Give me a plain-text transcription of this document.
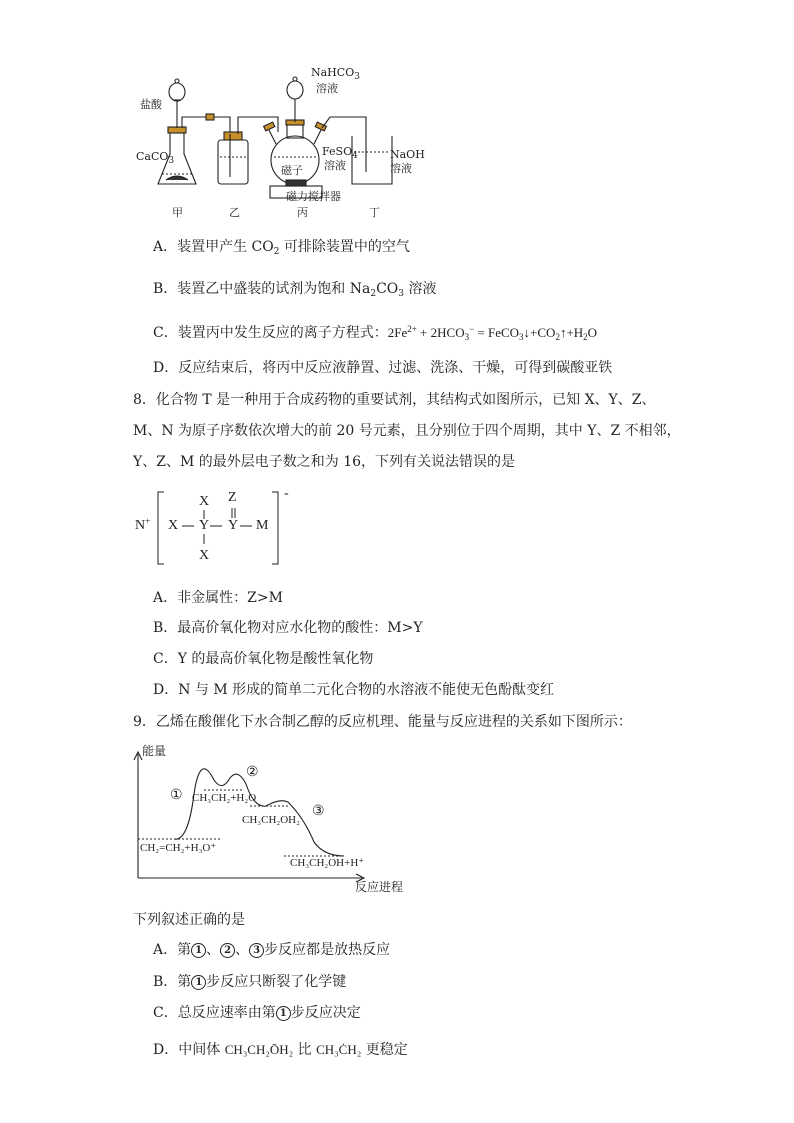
盐酸
CaCO$_3$
NaHCO$_3$
溶液
磁子
FeSO$_4$
溶液
NaOH
溶液
磁力搅拌器
甲	乙	丙	丁
A．装置甲产生 $CO_2$ 可排除装置中的空气
B．装置乙中盛装的试剂为饱和 $Na_2CO_3$ 溶液
C．装置丙中发生反应的离子方程式：$2Fe^{2+} + 2HCO_3^-$ = $FeCO_3↓+CO_2↑+H_2O$
D．反应结束后，将丙中反应液静置、过滤、洗涤、干燥，可得到碳酸亚铁
8．化合物 T 是一种用于合成药物的重要试剂，其结构式如图所示，已知 X、Y、Z、
M、N 为原子序数依次增大的前 20 号元素，且分别位于四个周期，其中 Y、Z 不相邻，
Y、Z、M 的最外层电子数之和为 16，下列有关说法错误的是
N+ X
X
Y
X
Z
Y M
-
A．非金属性：Z>M
B．最高价氧化物对应水化物的酸性：M>Y
C．Y 的最高价氧化物是酸性氧化物
D．N 与 M 形成的简单二元化合物的水溶液不能使无色酚酞变红
9．乙烯在酸催化下水合制乙醇的反应机理、能量与反应进程的关系如下图所示：
能量
反应进程
①
②
③
CH₂=CH₂+H₃O⁺
CH₃CH₂+H₂O
CH₃CH₂OH₂
CH₃CH₂OH+H⁺
下列叙述正确的是
A．第 1 、 2 、 3 步反应都是放热反应
B．第 1 步反应只断裂了化学键
C．总反应速率由第 1 步反应决定
D．中间体 CH₃CH₂ŌH₂ 比 CH₃ĊH₂ 更稳定
